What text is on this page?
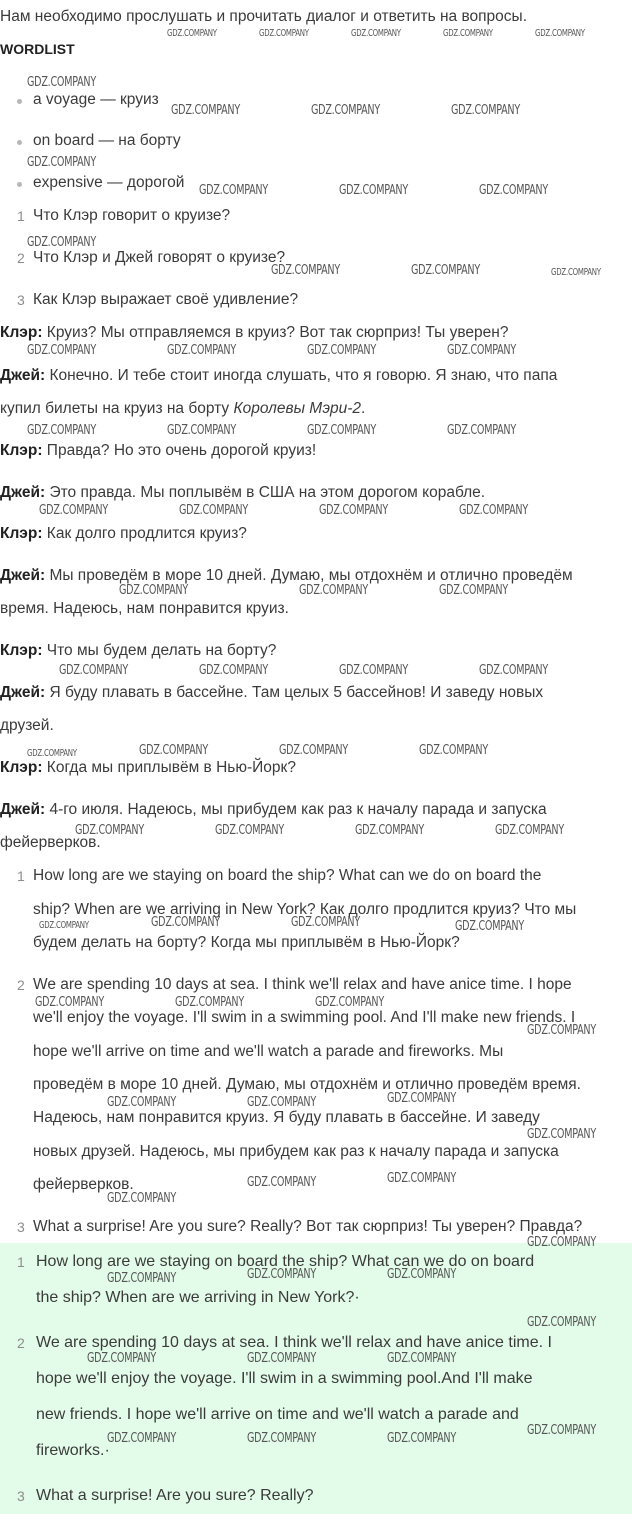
Нам необходимо прослушать и прочитать диалог и ответить на вопросы.
WORDLIST
a voyage — круиз
on board — на борту
expensive — дорогой
1 Что Клэр говорит о круизе?
2 Что Клэр и Джей говорят о круизе?
3 Как Клэр выражает своё удивление?
Клэр: Круиз? Мы отправляемся в круиз? Вот так сюрприз! Ты уверен?
Джей: Конечно. И тебе стоит иногда слушать, что я говорю. Я знаю, что папа
купил билеты на круиз на борту Королевы Мэри-2.
Клэр: Правда? Но это очень дорогой круиз!
Джей: Это правда. Мы поплывём в США на этом дорогом корабле.
Клэр: Как долго продлится круиз?
Джей: Мы проведём в море 10 дней. Думаю, мы отдохнём и отлично проведём
время. Надеюсь, нам понравится круиз.
Клэр: Что мы будем делать на борту?
Джей: Я буду плавать в бассейне. Там целых 5 бассейнов! И заведу новых
друзей.
Клэр: Когда мы приплывём в Нью-Йорк?
Джей: 4-го июля. Надеюсь, мы прибудем как раз к началу парада и запуска
фейерверков.
1 How long are we staying on board the ship? What can we do on board the
ship? When are we arriving in New York? Как долго продлится круиз? Что мы
будем делать на борту? Когда мы приплывём в Нью-Йорк?
2 We are spending 10 days at sea. I think we'll relax and have anice time. I hope
we'll enjoy the voyage. I'll swim in a swimming pool. And I'll make new friends. I
hope we'll arrive on time and we'll watch a parade and fireworks. Мы
проведём в море 10 дней. Думаю, мы отдохнём и отлично проведём время.
Надеюсь, нам понравится круиз. Я буду плавать в бассейне. И заведу
новых друзей. Надеюсь, мы прибудем как раз к началу парада и запуска
фейерверков.
3 What a surprise! Are you sure? Really? Вот так сюрприз! Ты уверен? Правда?
1 How long are we staying on board the ship? What can we do on board
the ship? When are we arriving in New York?·
2 We are spending 10 days at sea. I think we'll relax and have anice time. I
hope we'll enjoy the voyage. I'll swim in a swimming pool.And I'll make
new friends. I hope we'll arrive on time and we'll watch a parade and
fireworks.·
3 What a surprise! Are you sure? Really?
GDZ.COMPANY	GDZ.COMPANY	GDZ.COMPANY	GDZ.COMPANY	GDZ.COMPANY
GDZ.COMPANY
GDZ.COMPANY	GDZ.COMPANY	GDZ.COMPANY
GDZ.COMPANY
GDZ.COMPANY	GDZ.COMPANY	GDZ.COMPANY
GDZ.COMPANY
GDZ.COMPANY	GDZ.COMPANY	GDZ.COMPANY
GDZ.COMPANY	GDZ.COMPANY	GDZ.COMPANY	GDZ.COMPANY
GDZ.COMPANY	GDZ.COMPANY	GDZ.COMPANY	GDZ.COMPANY
GDZ.COMPANY	GDZ.COMPANY	GDZ.COMPANY	GDZ.COMPANY
GDZ.COMPANY	GDZ.COMPANY	GDZ.COMPANY
GDZ.COMPANY	GDZ.COMPANY	GDZ.COMPANY	GDZ.COMPANY
GDZ.COMPANY	GDZ.COMPANY	GDZ.COMPANY	GDZ.COMPANY
GDZ.COMPANY	GDZ.COMPANY	GDZ.COMPANY	GDZ.COMPANY
GDZ.COMPANY	GDZ.COMPANY	GDZ.COMPANY	GDZ.COMPANY
GDZ.COMPANY	GDZ.COMPANY	GDZ.COMPANY
GDZ.COMPANY
GDZ.COMPANY	GDZ.COMPANY	GDZ.COMPANY
GDZ.COMPANY
GDZ.COMPANY
GDZ.COMPANY	GDZ.COMPANY
GDZ.COMPANY
GDZ.COMPANY	GDZ.COMPANY	GDZ.COMPANY
GDZ.COMPANY
GDZ.COMPANY	GDZ.COMPANY	GDZ.COMPANY
GDZ.COMPANY	GDZ.COMPANY	GDZ.COMPANY
GDZ.COMPANY
